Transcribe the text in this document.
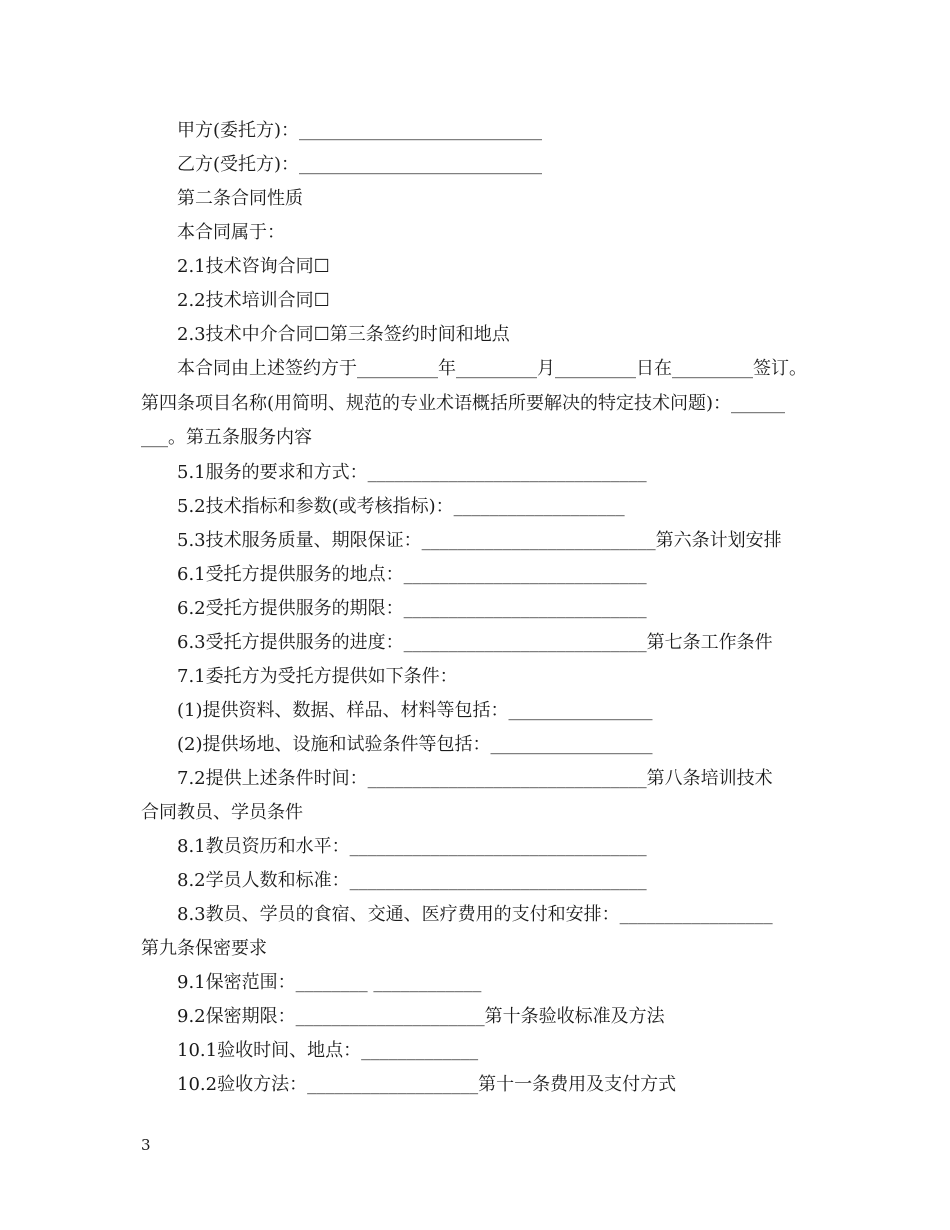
　　甲方(委托方)：___________________________
　　乙方(受托方)：___________________________
　　第二条合同性质
　　本合同属于：
　　2.1技术咨询合同☐
　　2.2技术培训合同☐
　　2.3技术中介合同☐第三条签约时间和地点
　　本合同由上述签约方于_________年_________月_________日在_________签订。
第四条项目名称(用简明、规范的专业术语概括所要解决的特定技术问题)：______
___。第五条服务内容
　　5.1服务的要求和方式：_______________________________
　　5.2技术指标和参数(或考核指标)：___________________
　　5.3技术服务质量、期限保证：__________________________第六条计划安排
　　6.1受托方提供服务的地点：___________________________
　　6.2受托方提供服务的期限：___________________________
　　6.3受托方提供服务的进度：___________________________第七条工作条件
　　7.1委托方为受托方提供如下条件：
　　(1)提供资料、数据、样品、材料等包括：________________
　　(2)提供场地、设施和试验条件等包括：__________________
　　7.2提供上述条件时间：_______________________________第八条培训技术
合同教员、学员条件
　　8.1教员资历和水平：_________________________________
　　8.2学员人数和标准：_________________________________
　　8.3教员、学员的食宿、交通、医疗费用的支付和安排：_________________
第九条保密要求
　　9.1保密范围：________ ____________
　　9.2保密期限：_____________________第十条验收标准及方法
　　10.1验收时间、地点：_____________
　　10.2验收方法：___________________第十一条费用及支付方式
3
